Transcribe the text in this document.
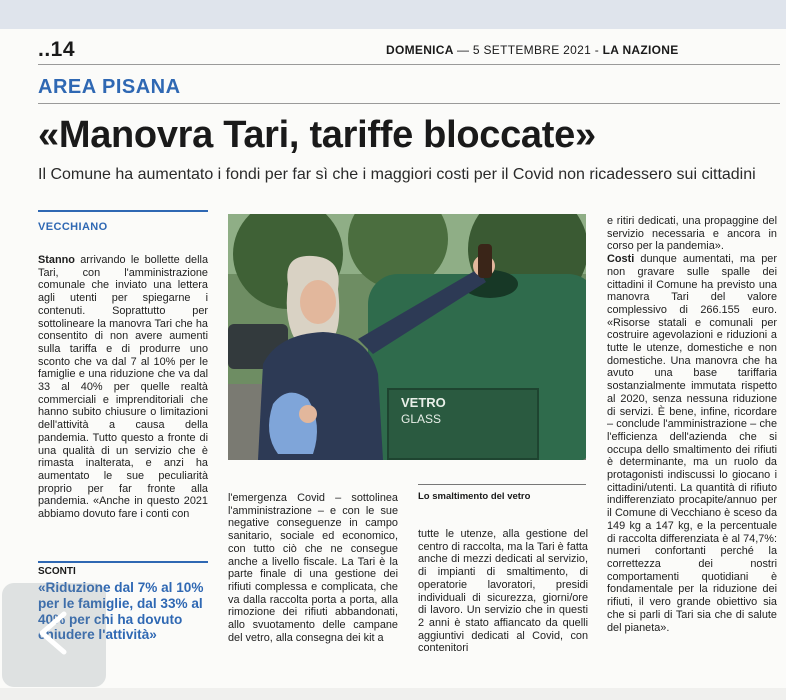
..14	DOMENICA — 5 SETTEMBRE 2021 - LA NAZIONE
AREA PISANA
«Manovra Tari, tariffe bloccate»
Il Comune ha aumentato i fondi per far sì che i maggiori costi per il Covid non ricadessero sui cittadini
VECCHIANO
Stanno arrivando le bollette della Tari, con l'amministrazione comunale che inviato una lettera agli utenti per spiegarne i contenuti. Soprattutto per sottolineare la manovra Tari che ha consentito di non avere aumenti sulla tariffa e di produrre uno sconto che va dal 7 al 10% per le famiglie e una riduzione che va dal 33 al 40% per quelle realtà commerciali e imprenditoriali che hanno subito chiusure o limitazioni dell'attività a causa della pandemia. Tutto questo a fronte di una qualità di un servizio che è rimasta inalterata, e anzi ha aumentato le sue peculiarità proprio per far fronte alla pandemia. «Anche in questo 2021 abbiamo dovuto fare i conti con
VETRO
GLASS
Lo smaltimento del vetro
l'emergenza Covid – sottolinea l'amministrazione – e con le sue negative conseguenze in campo sanitario, sociale ed economico, con tutto ciò che ne consegue anche a livello fiscale. La Tari è la parte finale di una gestione dei rifiuti complessa e complicata, che va dalla raccolta porta a porta, alla rimozione dei rifiuti abbandonati, allo svuotamento delle campane del vetro, alla consegna dei kit a
tutte le utenze, alla gestione del centro di raccolta, ma la Tari è fatta anche di mezzi dedicati al servizio, di impianti di smaltimento, di operatorie lavoratori, presidi individuali di sicurezza, giorni/ore di lavoro. Un servizio che in questi 2 anni è stato affiancato da quelli aggiuntivi dedicati al Covid, con contenitori
e ritiri dedicati, una propaggine del servizio necessaria e ancora in corso per la pandemia».
Costi dunque aumentati, ma per non gravare sulle spalle dei cittadini il Comune ha previsto una manovra Tari del valore complessivo di 266.155 euro. «Risorse statali e comunali per costruire agevolazioni e riduzioni a tutte le utenze, domestiche e non domestiche. Una manovra che ha avuto una base tariffaria sostanzialmente immutata rispetto al 2020, senza nessuna riduzione di servizi. È bene, infine, ricordare – conclude l'amministrazione – che l'efficienza dell'azienda che si occupa dello smaltimento dei rifiuti è determinante, ma un ruolo da protagonisti indiscussi lo giocano i cittadini/utenti. La quantità di rifiuto indifferenziato procapite/annuo per il Comune di Vecchiano è sceso da 149 kg a 147 kg, e la percentuale di raccolta differenziata è al 74,7%: numeri confortanti perché la correttezza dei nostri comportamenti quotidiani è fondamentale per la riduzione dei rifiuti, il vero grande obiettivo sia che si parli di Tari sia che di salute del pianeta».
SCONTI
«Riduzione dal 7% al 10% per le famiglie, dal 33% al 40% per chi ha dovuto chiudere l'attività»
